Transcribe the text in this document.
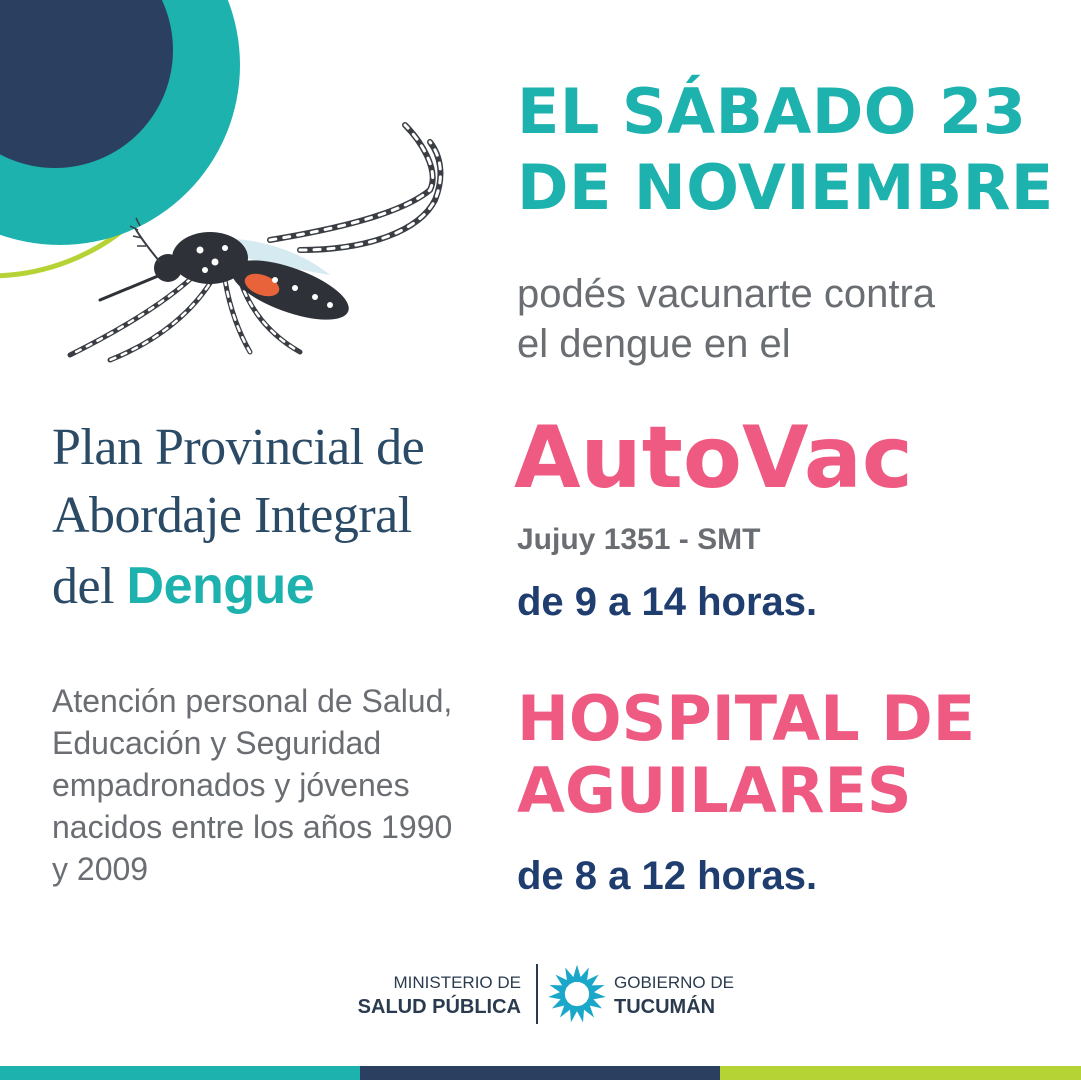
EL SÁBADO 23

DE NOVIEMBRE

podés vacunarte contra

el dengue en el

AutoVac

Jujuy 1351 - SMT

de 9 a 14 horas.

HOSPITAL DE

AGUILARES

de 8 a 12 horas.

Plan Provincial de

Abordaje Integral

del Dengue

Atención personal de Salud,

Educación y Seguridad

empadronados y jóvenes

nacidos entre los años 1990

y 2009

MINISTERIO DE

SALUD PÚBLICA

GOBIERNO DE

TUCUMÁN
